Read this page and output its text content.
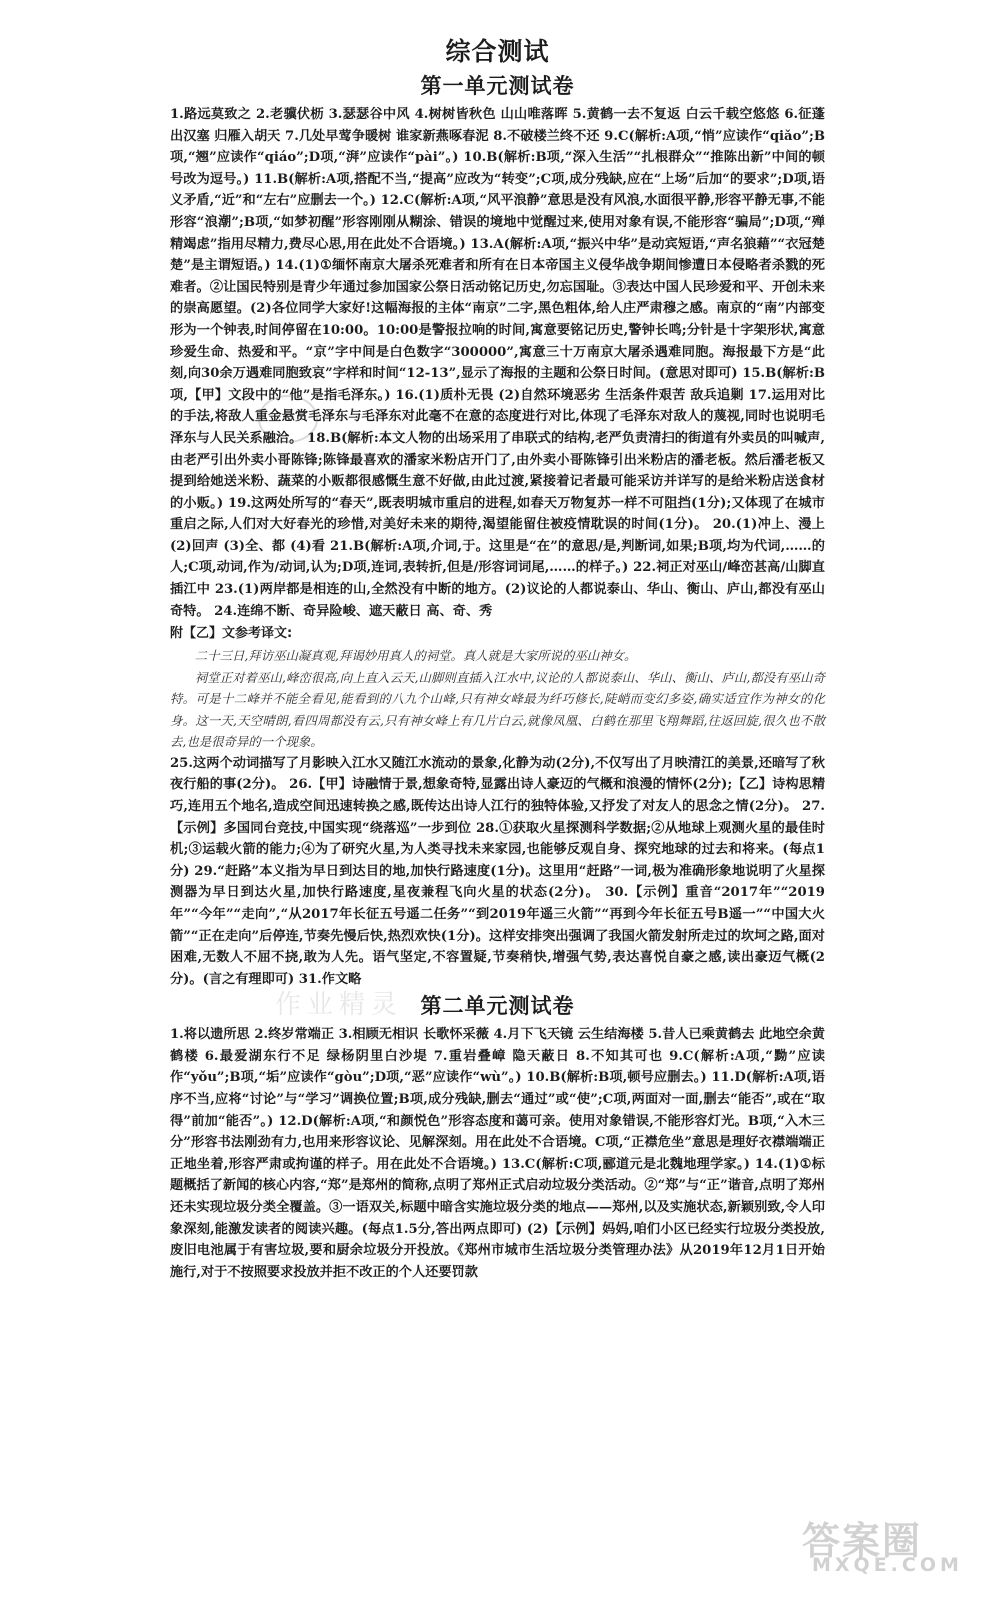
综合测试
第一单元测试卷

1.路远莫致之 2.老骥伏枥 3.瑟瑟谷中风 4.树树皆秋色 山山唯落晖 5.黄鹤一去不复返 白云千载空悠悠 6.征蓬出汉塞 归雁入胡天 7.几处早莺争暖树 谁家新燕啄春泥 8.不破楼兰终不还 9.C(解析:A项,“悄”应读作“qiǎo”;B项,“翘”应读作“qiáo”;D项,“湃”应读作“pài”。) 10.B(解析:B项,“深入生活”“扎根群众”“推陈出新”中间的顿号改为逗号。) 11.B(解析:A项,搭配不当,“提高”应改为“转变”;C项,成分残缺,应在“上场”后加“的要求”;D项,语义矛盾,“近”和“左右”应删去一个。) 12.C(解析:A项,“风平浪静”意思是没有风浪,水面很平静,形容平静无事,不能形容“浪潮”;B项,“如梦初醒”形容刚刚从糊涂、错误的境地中觉醒过来,使用对象有误,不能形容“骗局”;D项,“殚精竭虑”指用尽精力,费尽心思,用在此处不合语境。) 13.A(解析:A项,“振兴中华”是动宾短语,“声名狼藉”“衣冠楚楚”是主谓短语。) 14.(1)①缅怀南京大屠杀死难者和所有在日本帝国主义侵华战争期间惨遭日本侵略者杀戮的死难者。②让国民特别是青少年通过参加国家公祭日活动铭记历史,勿忘国耻。③表达中国人民珍爱和平、开创未来的崇高愿望。(2)各位同学大家好!这幅海报的主体“南京”二字,黑色粗体,给人庄严肃穆之感。南京的“南”内部变形为一个钟表,时间停留在10:00。10:00是警报拉响的时间,寓意要铭记历史,警钟长鸣;分针是十字架形状,寓意珍爱生命、热爱和平。“京”字中间是白色数字“300000”,寓意三十万南京大屠杀遇难同胞。海报最下方是“此刻,向30余万遇难同胞致哀”字样和时间“12-13”,显示了海报的主题和公祭日时间。(意思对即可) 15.B(解析:B项,【甲】文段中的“他”是指毛泽东。) 16.(1)质朴无畏 (2)自然环境恶劣 生活条件艰苦 敌兵追剿 17.运用对比的手法,将敌人重金悬赏毛泽东与毛泽东对此毫不在意的态度进行对比,体现了毛泽东对敌人的蔑视,同时也说明毛泽东与人民关系融洽。 18.B(解析:本文人物的出场采用了串联式的结构,老严负责清扫的街道有外卖员的叫喊声,由老严引出外卖小哥陈锋;陈锋最喜欢的潘家米粉店开门了,由外卖小哥陈锋引出米粉店的潘老板。然后潘老板又提到给她送米粉、蔬菜的小贩都很感慨生意不好做,由此过渡,紧接着记者最可能采访并详写的是给米粉店送食材的小贩。) 19.这两处所写的“春天”,既表明城市重启的进程,如春天万物复苏一样不可阻挡(1分);又体现了在城市重启之际,人们对大好春光的珍惜,对美好未来的期待,渴望能留住被疫情耽误的时间(1分)。 20.(1)冲上、漫上 (2)回声 (3)全、都 (4)看 21.B(解析:A项,介词,于。这里是“在”的意思/是,判断词,如果;B项,均为代词,……的人;C项,动词,作为/动词,认为;D项,连词,表转折,但是/形容词词尾,……的样子。) 22.祠正对巫山/峰峦甚高/山脚直插江中 23.(1)两岸都是相连的山,全然没有中断的地方。(2)议论的人都说泰山、华山、衡山、庐山,都没有巫山奇特。 24.连绵不断、奇异险峻、遮天蔽日 高、奇、秀

附【乙】文参考译文:

二十三日,拜访巫山凝真观,拜谒妙用真人的祠堂。真人就是大家所说的巫山神女。

祠堂正对着巫山,峰峦很高,向上直入云天,山脚则直插入江水中,议论的人都说泰山、华山、衡山、庐山,都没有巫山奇特。可是十二峰并不能全看见,能看到的八九个山峰,只有神女峰最为纤巧修长,陡峭而变幻多姿,确实适宜作为神女的化身。这一天,天空晴朗,看四周都没有云,只有神女峰上有几片白云,就像凤凰、白鹤在那里飞翔舞蹈,往返回旋,很久也不散去,也是很奇异的一个现象。

25.这两个动词描写了月影映入江水又随江水流动的景象,化静为动(2分),不仅写出了月映清江的美景,还暗写了秋夜行船的事(2分)。 26.【甲】诗融情于景,想象奇特,显露出诗人豪迈的气概和浪漫的情怀(2分);【乙】诗构思精巧,连用五个地名,造成空间迅速转换之感,既传达出诗人江行的独特体验,又抒发了对友人的思念之情(2分)。 27.【示例】多国同台竞技,中国实现“绕落巡”一步到位 28.①获取火星探测科学数据;②从地球上观测火星的最佳时机;③运载火箭的能力;④为了研究火星,为人类寻找未来家园,也能够反观自身、探究地球的过去和将来。(每点1分) 29.“赶路”本义指为早日到达目的地,加快行路速度(1分)。这里用“赶路”一词,极为准确形象地说明了火星探测器为早日到达火星,加快行路速度,星夜兼程飞向火星的状态(2分)。 30.【示例】重音“2017年”“2019年”“今年”“走向”,“从2017年长征五号遥二任务”“到2019年遥三火箭”“再到今年长征五号B遥一”“中国大火箭”“正在走向”后停连,节奏先慢后快,热烈欢快(1分)。这样安排突出强调了我国火箭发射所走过的坎坷之路,面对困难,无数人不屈不挠,敢为人先。语气坚定,不容置疑,节奏稍快,增强气势,表达喜悦自豪之感,读出豪迈气概(2分)。(言之有理即可) 31.作文略

作业精灵 第二单元测试卷

1.将以遗所思 2.终岁常端正 3.相顾无相识 长歌怀采薇 4.月下飞天镜 云生结海楼 5.昔人已乘黄鹤去 此地空余黄鹤楼 6.最爱湖东行不足 绿杨阴里白沙堤 7.重岩叠嶂 隐天蔽日 8.不知其可也 9.C(解析:A项,“黝”应读作“yǒu”;B项,“垢”应读作“gòu”;D项,“恶”应读作“wù”。) 10.B(解析:B项,顿号应删去。) 11.D(解析:A项,语序不当,应将“讨论”与“学习”调换位置;B项,成分残缺,删去“通过”或“使”;C项,两面对一面,删去“能否”,或在“取得”前加“能否”。) 12.D(解析:A项,“和颜悦色”形容态度和蔼可亲。使用对象错误,不能形容灯光。B项,“入木三分”形容书法刚劲有力,也用来形容议论、见解深刻。用在此处不合语境。C项,“正襟危坐”意思是理好衣襟端端正正地坐着,形容严肃或拘谨的样子。用在此处不合语境。) 13.C(解析:C项,郦道元是北魏地理学家。) 14.(1)①标题概括了新闻的核心内容,“郑”是郑州的简称,点明了郑州正式启动垃圾分类活动。②“郑”与“正”谐音,点明了郑州还未实现垃圾分类全覆盖。③一语双关,标题中暗含实施垃圾分类的地点——郑州,以及实施状态,新颖别致,令人印象深刻,能激发读者的阅读兴趣。(每点1.5分,答出两点即可) (2)【示例】妈妈,咱们小区已经实行垃圾分类投放,废旧电池属于有害垃圾,要和厨余垃圾分开投放。《郑州市城市生活垃圾分类管理办法》从2019年12月1日开始施行,对于不按照要求投放并拒不改正的个人还要罚款

答案圈
MXQE.COM
